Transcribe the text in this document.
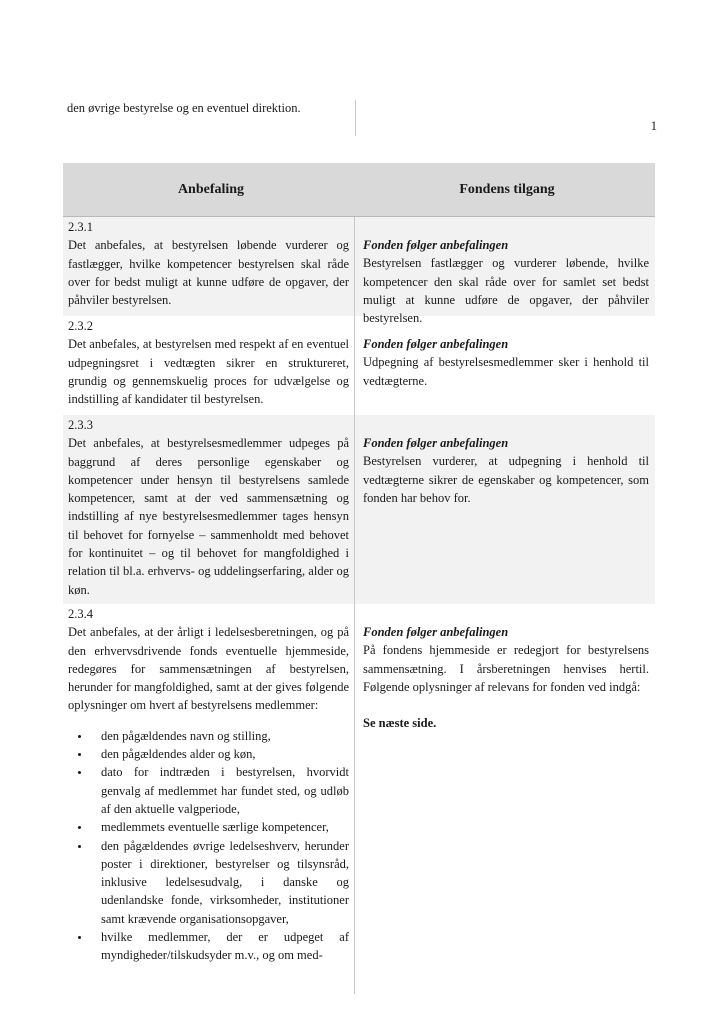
den øvrige bestyrelse og en eventuel direktion.
1
Anbefaling	Fondens tilgang
2.3.1
Det anbefales, at bestyrelsen løbende vurderer og fastlægger, hvilke kompetencer bestyrelsen skal råde over for bedst muligt at kunne udføre de opgaver, der påhviler bestyrelsen.
Fonden følger anbefalingen
Bestyrelsen fastlægger og vurderer løbende, hvilke kompetencer den skal råde over for samlet set bedst muligt at kunne udføre de opgaver, der påhviler bestyrelsen.
2.3.2
Det anbefales, at bestyrelsen med respekt af en eventuel udpegningsret i vedtægten sikrer en struktureret, grundig og gennemskuelig proces for udvælgelse og indstilling af kandidater til bestyrelsen.
Fonden følger anbefalingen
Udpegning af bestyrelsesmedlemmer sker i henhold til vedtægterne.
2.3.3
Det anbefales, at bestyrelsesmedlemmer udpeges på baggrund af deres personlige egenskaber og kompetencer under hensyn til bestyrelsens samlede kompetencer, samt at der ved sammensætning og indstilling af nye bestyrelsesmedlemmer tages hensyn til behovet for fornyelse – sammenholdt med behovet for kontinuitet – og til behovet for mangfoldighed i relation til bl.a. erhvervs- og uddelingserfaring, alder og køn.
Fonden følger anbefalingen
Bestyrelsen vurderer, at udpegning i henhold til vedtægterne sikrer de egenskaber og kompetencer, som fonden har behov for.
2.3.4
Det anbefales, at der årligt i ledelsesberetningen, og på den erhvervsdrivende fonds eventuelle hjemmeside, redegøres for sammensætningen af bestyrelsen, herunder for mangfoldighed, samt at der gives følgende oplysninger om hvert af bestyrelsens medlemmer:
• den pågældendes navn og stilling,
• den pågældendes alder og køn,
• dato for indtræden i bestyrelsen, hvorvidt genvalg af medlemmet har fundet sted, og udløb af den aktuelle valgperiode,
• medlemmets eventuelle særlige kompetencer,
• den pågældendes øvrige ledelseshverv, herunder poster i direktioner, bestyrelser og tilsynsråd, inklusive ledelsesudvalg, i danske og udenlandske fonde, virksomheder, institutioner samt krævende organisationsopgaver,
• hvilke medlemmer, der er udpeget af myndigheder/tilskudsyder m.v., og om med-
Fonden følger anbefalingen
På fondens hjemmeside er redegjort for bestyrelsens sammensætning. I årsberetningen henvises hertil. Følgende oplysninger af relevans for fonden ved indgå:
Se næste side.
